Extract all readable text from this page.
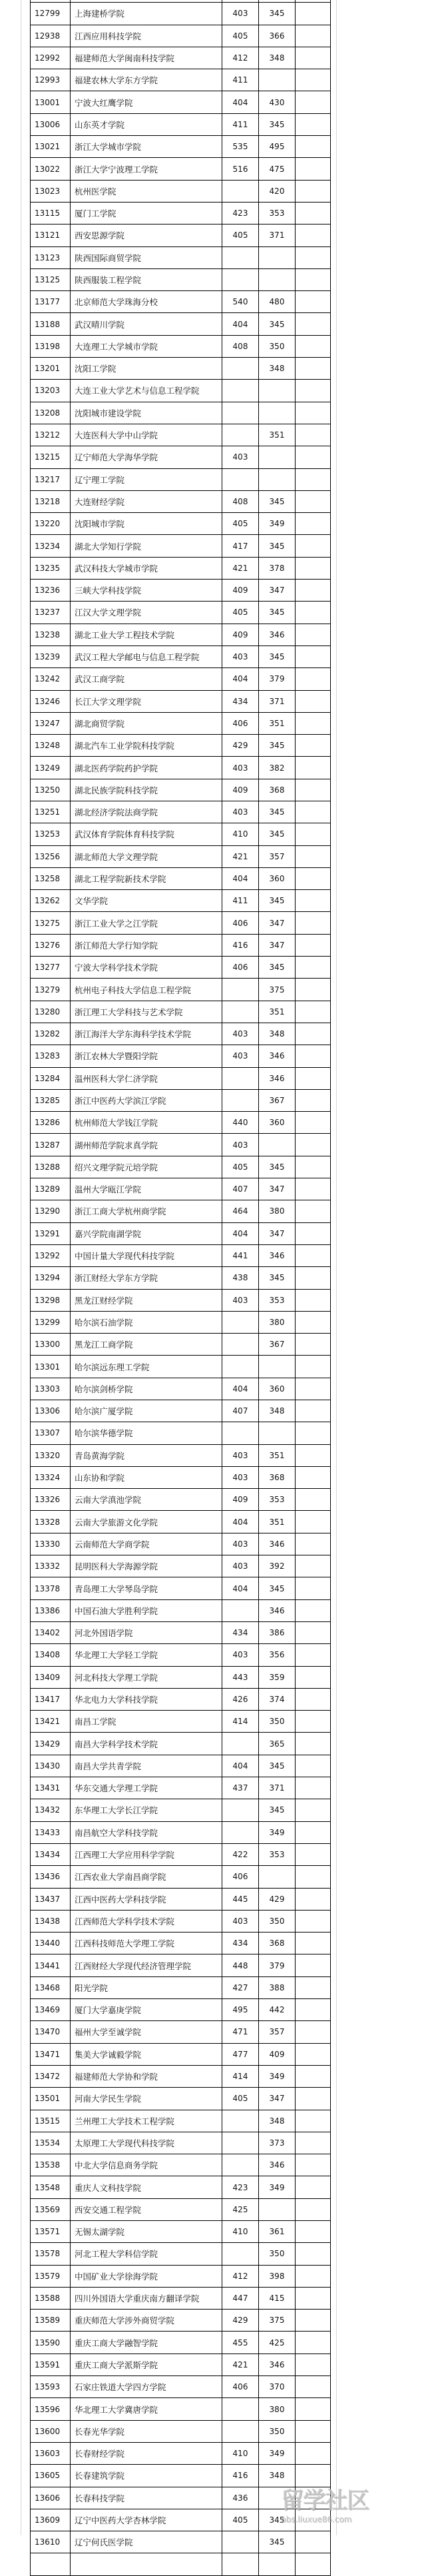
12799	上海建桥学院	403	345	
12938	江西应用科技学院	405	366	
12992	福建师范大学闽南科技学院	412	348	
12993	福建农林大学东方学院	411		
13001	宁波大红鹰学院	404	430	
13006	山东英才学院	411	345	
13021	浙江大学城市学院	535	495	
13022	浙江大学宁波理工学院	516	475	
13023	杭州医学院		420	
13115	厦门工学院	423	353	
13121	西安思源学院	405	371	
13123	陕西国际商贸学院			
13125	陕西服装工程学院			
13177	北京师范大学珠海分校	540	480	
13188	武汉晴川学院	404	345	
13198	大连理工大学城市学院	408	350	
13201	沈阳工学院		348	
13203	大连工业大学艺术与信息工程学院			
13208	沈阳城市建设学院			
13212	大连医科大学中山学院		351	
13215	辽宁师范大学海华学院	403		
13217	辽宁理工学院			
13218	大连财经学院	408	345	
13220	沈阳城市学院	405	349	
13234	湖北大学知行学院	417	345	
13235	武汉科技大学城市学院	421	378	
13236	三峡大学科技学院	409	347	
13237	江汉大学文理学院	405	345	
13238	湖北工业大学工程技术学院	409	346	
13239	武汉工程大学邮电与信息工程学院	403	345	
13242	武汉工商学院	404	379	
13246	长江大学文理学院	434	371	
13247	湖北商贸学院	406	351	
13248	湖北汽车工业学院科技学院	429	345	
13249	湖北医药学院药护学院	403	382	
13250	湖北民族学院科技学院	409	368	
13251	湖北经济学院法商学院	403	345	
13253	武汉体育学院体育科技学院	410	345	
13256	湖北师范大学文理学院	421	357	
13258	湖北工程学院新技术学院	404	360	
13262	文华学院	411	345	
13275	浙江工业大学之江学院	406	347	
13276	浙江师范大学行知学院	416	347	
13277	宁波大学科学技术学院	406	345	
13279	杭州电子科技大学信息工程学院		375	
13280	浙江理工大学科技与艺术学院		351	
13282	浙江海洋大学东海科学技术学院	403	348	
13283	浙江农林大学暨阳学院	403	346	
13284	温州医科大学仁济学院		346	
13285	浙江中医药大学滨江学院		367	
13286	杭州师范大学钱江学院	440	360	
13287	湖州师范学院求真学院	403		
13288	绍兴文理学院元培学院	405	345	
13289	温州大学瓯江学院	407	347	
13290	浙江工商大学杭州商学院	464	380	
13291	嘉兴学院南湖学院	404	347	
13292	中国计量大学现代科技学院	441	346	
13294	浙江财经大学东方学院	438	345	
13298	黑龙江财经学院	403	353	
13299	哈尔滨石油学院		380	
13300	黑龙江工商学院		367	
13301	哈尔滨远东理工学院			
13303	哈尔滨剑桥学院	404	360	
13306	哈尔滨广厦学院	407	348	
13307	哈尔滨华德学院			
13320	青岛黄海学院	403	351	
13324	山东协和学院	403	368	
13326	云南大学滇池学院	409	353	
13328	云南大学旅游文化学院	404	351	
13330	云南师范大学商学院	403	346	
13332	昆明医科大学海源学院	403	392	
13378	青岛理工大学琴岛学院	404	345	
13386	中国石油大学胜利学院		346	
13402	河北外国语学院	434	386	
13408	华北理工大学轻工学院	403	356	
13409	河北科技大学理工学院	443	359	
13417	华北电力大学科技学院	426	374	
13421	南昌工学院	414	350	
13429	南昌大学科学技术学院		365	
13430	南昌大学共青学院	404	345	
13431	华东交通大学理工学院	437	371	
13432	东华理工大学长江学院		345	
13433	南昌航空大学科技学院		349	
13434	江西理工大学应用科学学院	422	353	
13436	江西农业大学南昌商学院	406		
13437	江西中医药大学科技学院	445	429	
13438	江西师范大学科学技术学院	403	350	
13440	江西科技师范大学理工学院	434	368	
13441	江西财经大学现代经济管理学院	448	379	
13468	阳光学院	427	388	
13469	厦门大学嘉庚学院	495	442	
13470	福州大学至诚学院	471	357	
13471	集美大学诚毅学院	477	409	
13472	福建师范大学协和学院	414	349	
13501	河南大学民生学院	405	347	
13515	兰州理工大学技术工程学院		348	
13534	太原理工大学现代科技学院		373	
13538	中北大学信息商务学院		346	
13548	重庆人文科技学院	423	349	
13569	西安交通工程学院	425		
13571	无锡太湖学院	410	361	
13578	河北工程大学科信学院		350	
13579	中国矿业大学徐海学院	412	398	
13588	四川外国语大学重庆南方翻译学院	447	415	
13589	重庆师范大学涉外商贸学院	429	375	
13590	重庆工商大学融智学院	455	425	
13591	重庆工商大学派斯学院	421	346	
13593	石家庄铁道大学四方学院	406	370	
13596	华北理工大学冀唐学院		380	
13600	长春光华学院		350	
13603	长春财经学院	410	349	
13605	长春建筑学院	416	348	
13606	长春科技学院	436		
13609	辽宁中医药大学杏林学院	405	345	
13610	辽宁何氏医学院		345	

留学社区
bbs.liuxue86.com
